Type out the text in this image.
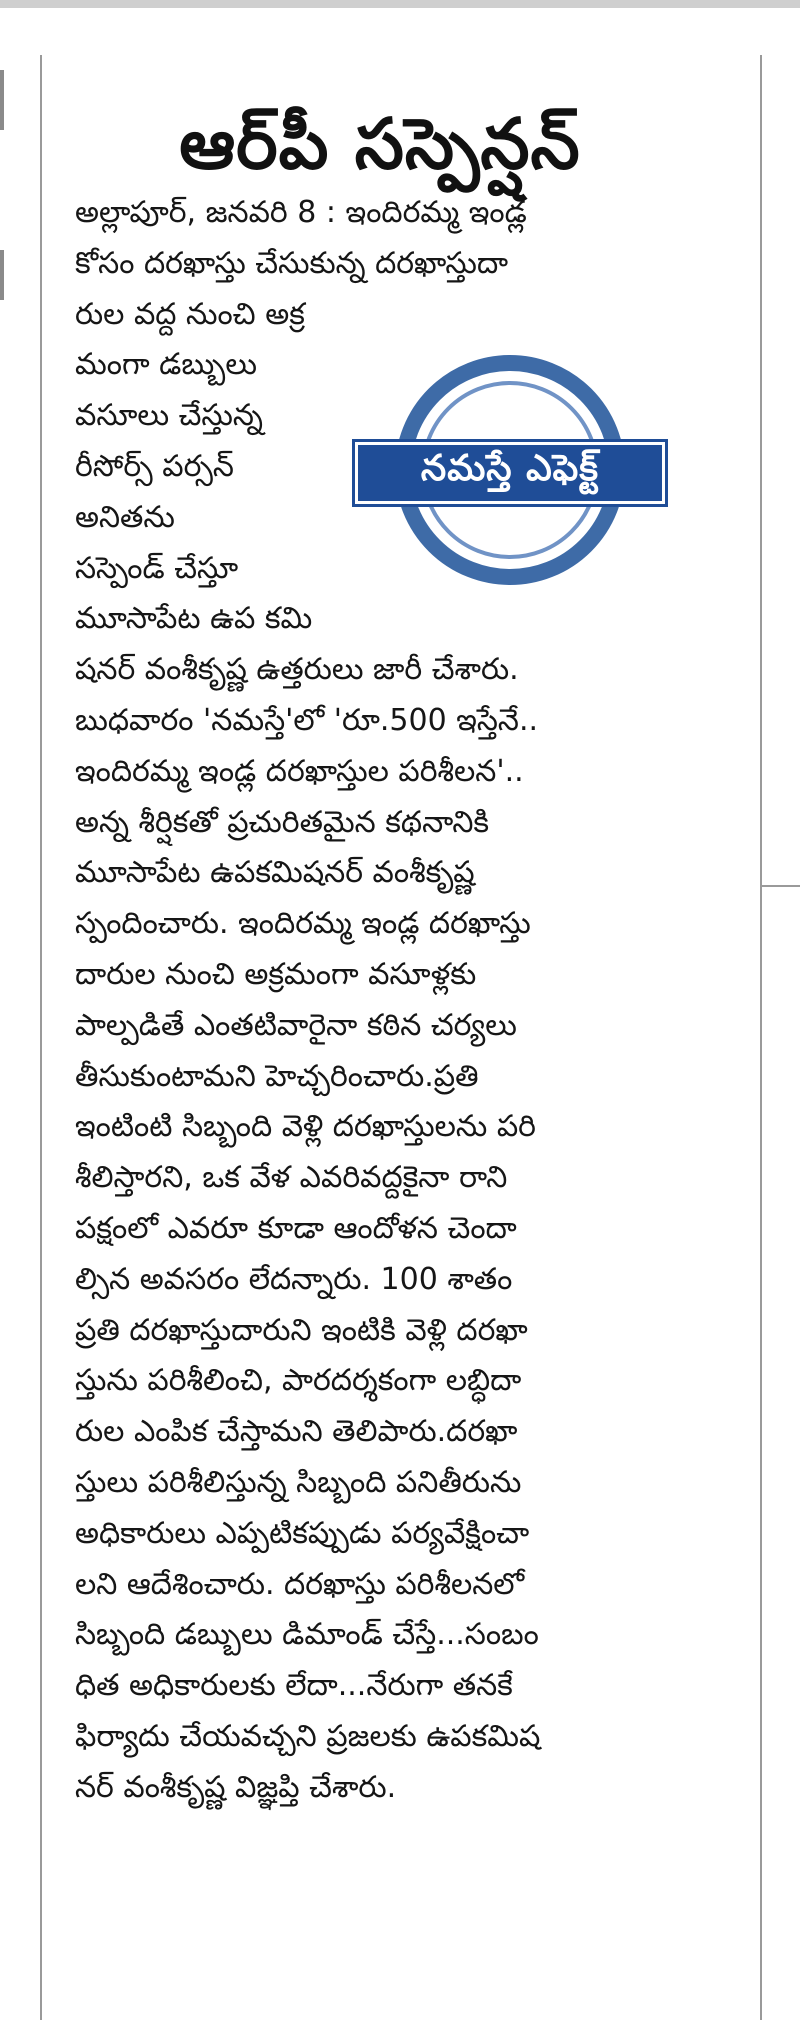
ఆర్‌పీ సస్పెన్షన్
నమస్తే ఎఫెక్ట్
అల్లాపూర్, జనవరి 8 : ఇందిరమ్మ ఇండ్ల
కోసం దరఖాస్తు చేసుకున్న దరఖాస్తుదా
రుల వద్ద నుంచి అక్ర
మంగా డబ్బులు
వసూలు చేస్తున్న
రీసోర్స్ పర్సన్
అనితను
సస్పెండ్ చేస్తూ
మూసాపేట ఉప కమి
షనర్ వంశీకృష్ణ ఉత్తరులు జారీ చేశారు.
బుధవారం 'నమస్తే'లో 'రూ.500 ఇస్తేనే..
ఇందిరమ్మ ఇండ్ల దరఖాస్తుల పరిశీలన'..
అన్న శీర్షికతో ప్రచురితమైన కథనానికి
మూసాపేట ఉపకమిషనర్ వంశీకృష్ణ
స్పందించారు. ఇందిరమ్మ ఇండ్ల దరఖాస్తు
దారుల నుంచి అక్రమంగా వసూళ్లకు
పాల్పడితే ఎంతటివారైనా కఠిన చర్యలు
తీసుకుంటామని హెచ్చరించారు.ప్రతి
ఇంటింటి సిబ్బంది వెళ్లి దరఖాస్తులను పరి
శీలిస్తారని, ఒక వేళ ఎవరివద్దకైనా రాని
పక్షంలో ఎవరూ కూడా ఆందోళన చెందా
ల్సిన అవసరం లేదన్నారు. 100 శాతం
ప్రతి దరఖాస్తుదారుని ఇంటికి వెళ్లి దరఖా
స్తును పరిశీలించి, పారదర్శకంగా లబ్ధిదా
రుల ఎంపిక చేస్తామని తెలిపారు.దరఖా
స్తులు పరిశీలిస్తున్న సిబ్బంది పనితీరును
అధికారులు ఎప్పటికప్పుడు పర్యవేక్షించా
లని ఆదేశించారు. దరఖాస్తు పరిశీలనలో
సిబ్బంది డబ్బులు డిమాండ్ చేస్తే...సంబం
ధిత అధికారులకు లేదా...నేరుగా తనకే
ఫిర్యాదు చేయవచ్చని ప్రజలకు ఉపకమిష
నర్ వంశీకృష్ణ విజ్ఞప్తి చేశారు.
